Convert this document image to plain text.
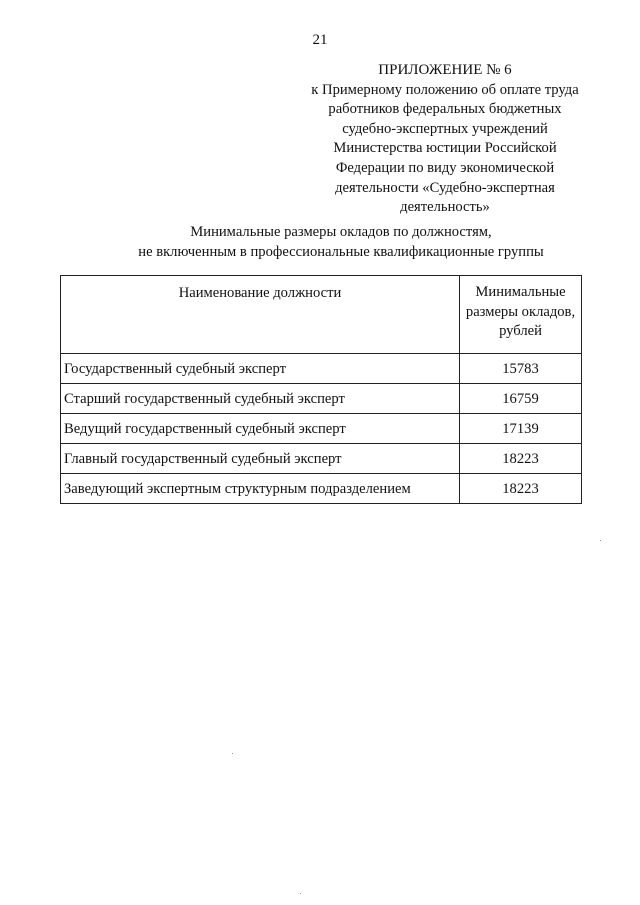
21
ПРИЛОЖЕНИЕ № 6
к Примерному положению об оплате труда
работников федеральных бюджетных
судебно-экспертных учреждений
Министерства юстиции Российской
Федерации по виду экономической
деятельности «Судебно-экспертная
деятельность»
Минимальные размеры окладов по должностям,
не включенным в профессиональные квалификационные группы
Наименование должности	Минимальные
размеры окладов,
рублей

Государственный судебный эксперт	15783
Старший государственный судебный эксперт	16759
Ведущий государственный судебный эксперт	17139
Главный государственный судебный эксперт	18223
Заведующий экспертным структурным подразделением	18223
